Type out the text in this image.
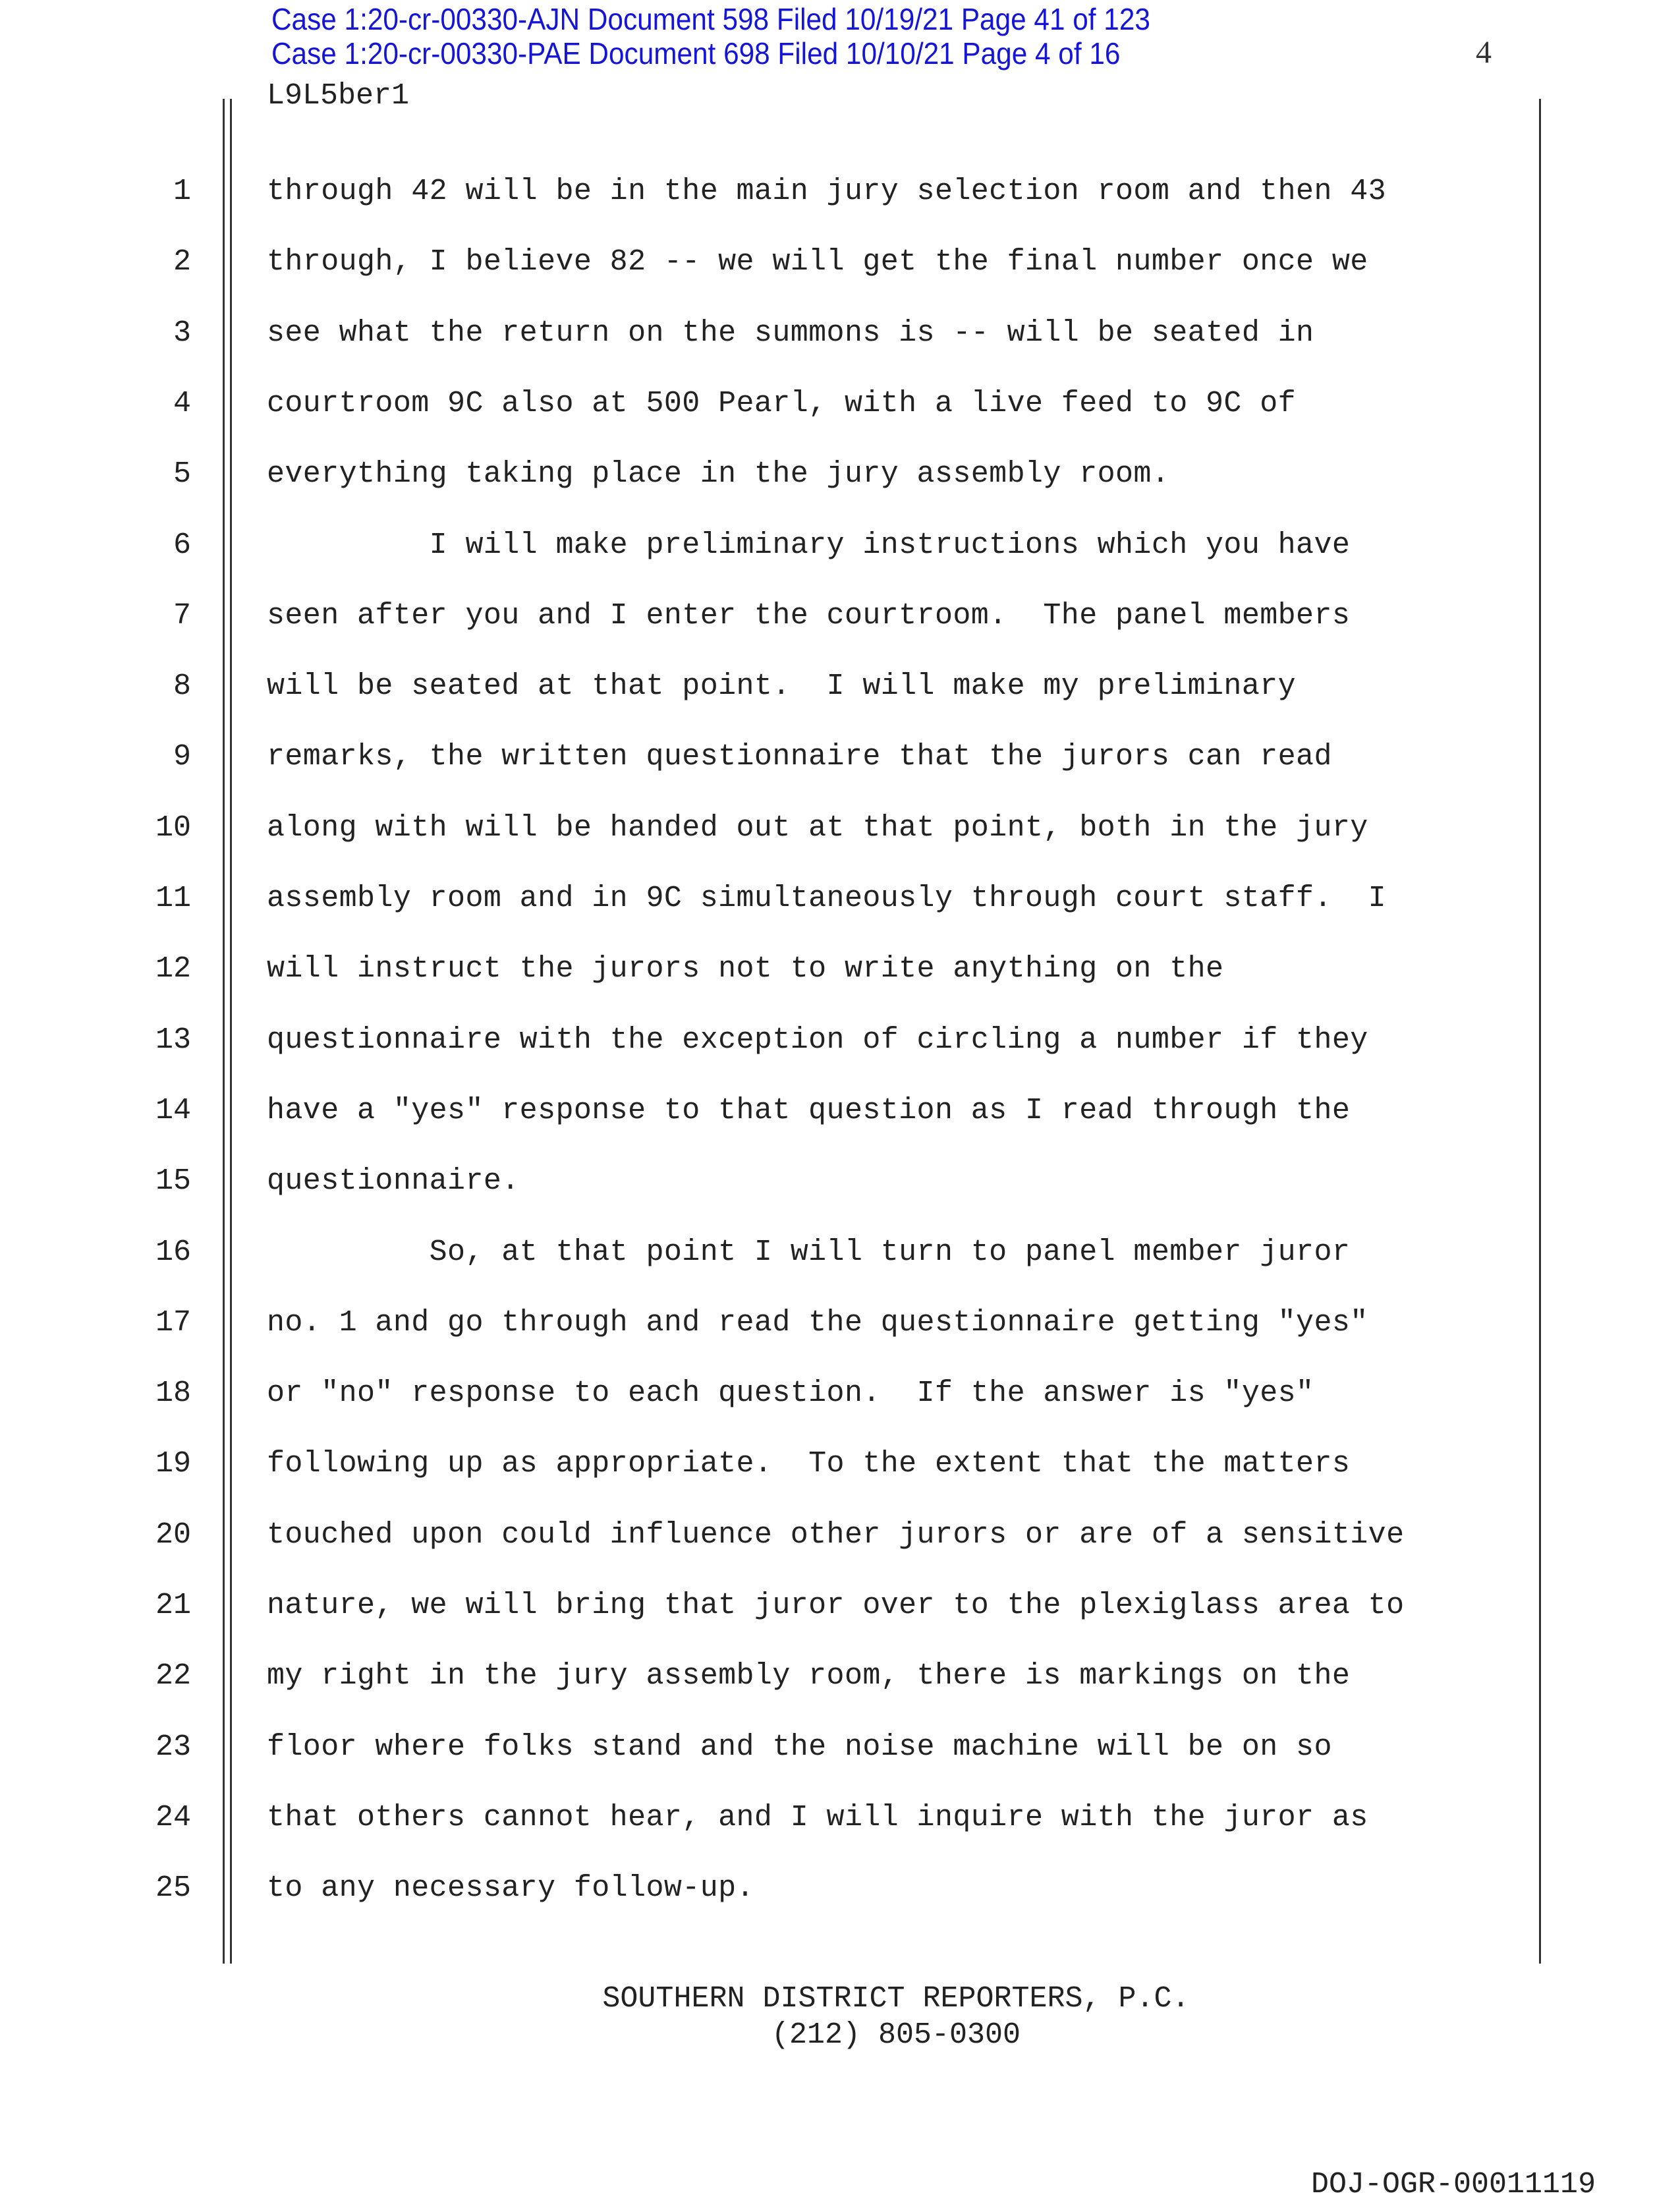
Case 1:20-cr-00330-AJN Document 598 Filed 10/19/21 Page 41 of 123
Case 1:20-cr-00330-PAE Document 698 Filed 10/10/21 Page 4 of 16	4
L9L5ber1
1	through 42 will be in the main jury selection room and then 43
2	through, I believe 82 -- we will get the final number once we
3	see what the return on the summons is -- will be seated in
4	courtroom 9C also at 500 Pearl, with a live feed to 9C of
5	everything taking place in the jury assembly room.
6	I will make preliminary instructions which you have
7	seen after you and I enter the courtroom.  The panel members
8	will be seated at that point.  I will make my preliminary
9	remarks, the written questionnaire that the jurors can read
10	along with will be handed out at that point, both in the jury
11	assembly room and in 9C simultaneously through court staff.  I
12	will instruct the jurors not to write anything on the
13	questionnaire with the exception of circling a number if they
14	have a "yes" response to that question as I read through the
15	questionnaire.
16	So, at that point I will turn to panel member juror
17	no. 1 and go through and read the questionnaire getting "yes"
18	or "no" response to each question.  If the answer is "yes"
19	following up as appropriate.  To the extent that the matters
20	touched upon could influence other jurors or are of a sensitive
21	nature, we will bring that juror over to the plexiglass area to
22	my right in the jury assembly room, there is markings on the
23	floor where folks stand and the noise machine will be on so
24	that others cannot hear, and I will inquire with the juror as
25	to any necessary follow-up.
SOUTHERN DISTRICT REPORTERS, P.C.
(212) 805-0300
DOJ-OGR-00011119
